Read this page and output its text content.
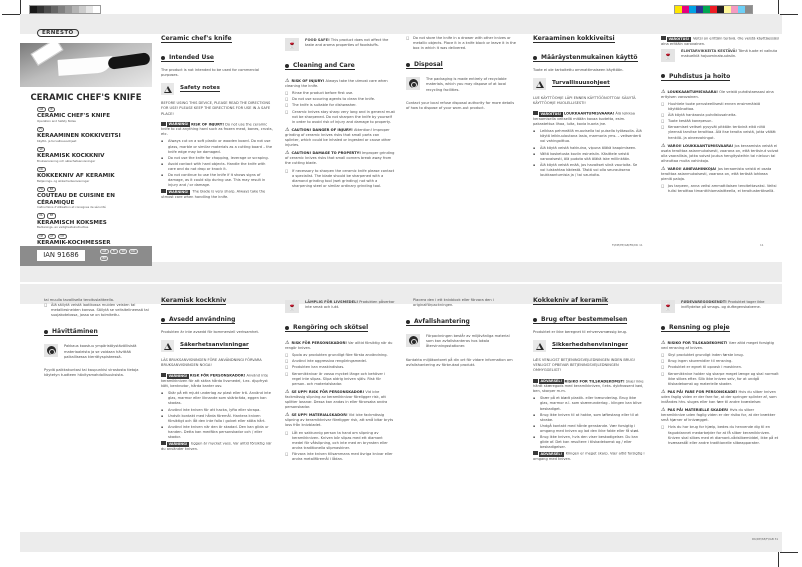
ERNESTO
CERAMIC CHEF'S KNIFE
GB	IE
CERAMIC CHEF'S KNIFE
Operation and Safety Notes
FI
KERAAMINEN KOKKIVEITSI
Käyttö- ja turvallisuusohjeet
SE
KERAMISK KOCKKNIV
Bruksanvisning och säkerhetsanvisningar
DK
KOKKEKNIV AF KERAMIK
Betjenings- og sikkerhedsanvisninger
FR	BE
COUTEAU DE CUISINE EN CÉRAMIQUE
Instructions d'utilisation et consignes de sécurité
NL	BE
KERAMISCH KOKSMES
Bedienings- en veiligheidsinstructies
DE	AT	CH
KERAMIK-KOCHMESSER
IAN 91686	GB	FI	SE	DK
BE
Ceramic chef's knife
Intended Use
The product is not intended to be used for commercial purposes.
Safety notes
BEFORE USING THIS DEVICE, PLEASE READ THE DIRECTIONS FOR USE! PLEASE KEEP THE DIRECTIONS FOR USE IN A SAFE PLACE!
WARNING! RISK OF INJURY! Do not use the ceramic knife to cut anything hard such as frozen meat, bones, crusts, etc.
▪ Always cut on a soft plastic or wooden board. Do not use glass, marble or similar materials as a cutting board – the knife edge may be damaged.
▪ Do not use the knife for chopping, leverage or scraping.
▪ Avoid contact with hard objects. Handle the knife with care and do not drop or knock it.
▪ Do not continue to use the knife if it shows signs of damage, as it could slip during use. This may result in injury and / or damage.
WARNING! The blade is very sharp. Always take the utmost care when handling the knife.
🍷	FOOD SAFE! This product does not affect the taste and aroma properties of foodstuffs.
Cleaning and Care
⚠ RISK OF INJURY! Always take the utmost care when cleaning the knife.
□ Rinse the product before first use.
□ Do not use scouring agents to clean the knife.
□ The knife is suitable for dishwasher.
□ Ceramic knives stay sharp very long and in general must not be sharpened. Do not sharpen the knife by yourself in order to avoid risk of injury and damage to property.
⚠ CAUTION! DANGER OF INJURY! Attention! Improper grinding of ceramic knives risks that small parts can splinter, which could be inhaled or ingested or cause other injuries.
⚠ CAUTION! DAMAGE TO PROPERTY! Improper grinding of ceramic knives risks that small corners break away from the cutting blade.
□ If necessary to sharpen the ceramic knife please contact a specialist. The blade should be sharpened with a diamond grinding tool (wet grinding) not with a sharpening steel or similar ordinary grinding tool.
□ Do not store the knife in a drawer with other knives or metallic objects. Place it in a knife block or leave it in the box in which it was delivered.
Disposal
The packaging is made entirely of recyclable materials, which you may dispose of at local recycling facilities.
Contact your local refuse disposal authority for more details of how to dispose of your worn-out product.
Keraaminen kokkiveitsi
Määräystenmukainen käyttö
Tuote ei ole tarkoitettu ammattimaiseen käyttöön.
Turvallisuusohjeet
LUE KÄYTTÖOHJE LÄPI ENNEN KÄYTTÖÖNOTTOA! SÄILYTÄ KÄYTTÖOHJE HUOLELLISESTI!
VAROITUS! LOUKKAANTUMISVAARA! Älä leikkaa keraamisella veitsellä mitään kovaa tuotetta, esim. pakastettua lihaa, luita, kovia kuoria jne.
▪ Leikkaa pehmeällä muovisella tai puisella työtasolla. Älä käytä leikkuulautana lasia, marmoria yms. – veitsenterä voi vahingoittua.
▪ Älä käytä veistä hakkuina, vipuna äläkä kaapimiseen.
▪ Vältä kosketusta koviin esineisiin. Käsittele veistä varovaisesti, älä pudota sitä äläkä iske millinkään.
▪ Älä käytä veistä enää, jos havaitset siinä vaurioita. Se voi luiskahtaa kädestä. Tästä voi olla seurauksena loukkaantumisia ja / tai vaurioita.
FI/DE/EE/GB/FR/DK 11
VAROITUS! Veitsi on erittäin terävä. Ole veistä käyttäessäsi aina erittäin varovainen.
🍷	ELINTARVIKKEITA KESTÄVÄ! Tämä tuote ei vaikuta makuelkiä hajuominaisuuksiin.
Puhdistus ja hoito
⚠ LOUKKAANTUMISVAARA! Ole veistä puhdistaessasi aina erityisen varovainen.
□ Huuhtele tuote perusteellisesti ennen ensimmäistä käyttöönottoa.
□ Älä käytä hankaavia puhdistusaineita.
□ Tuote kestää konepesun.
□ Keraamiset veitset pysyvät pitkään terävinä eikä niitä yleensä tarvitse teroittaa. Älä itse teroita veistä, jotta vältät henkilö- ja aineevahingot.
⚠ VAROI! LOUKKAANTUMISVAARA! Jos keraamista veistä ei osata teroittaa asianmukaisesti, vaarana on, että teräsirut voivat olla vaarallisia, jotka voivat joutua hengitysteihin tai nieluun tai aiheuttaa muita vahinkoja.
⚠ VAROI! AINEVAHINKOJA! Jos keraamista veistä ei osata teroittaa asianmukaisesti, vaarana on, että terästä lohkeaa pieniä paloja.
□ Jos tarpeen, anna veitsi ammattilaisen teroitettavaksi. Veitsi tulisi teroittaa timanttihiomalaitteella, ei teroitusteräksellä.
11
tai muulla tavallisella teroituslaitteella.
□ Älä säilytä veistä laatikossa muiden veisten tai metalliesineiden kanssa. Säilytä se veitsitelineessä tai suojakotelossa, jossa se on toimitettu.
Hävittäminen
Pakkaus koostuu ympäristöystävällisistä materiaaleista ja se voidaan hävittää paikallisessa kierrätyspisteessä.
Pyydä paikkakuntasi tai kaupunkisi virastosta tietoja käytetyn tuotteen hävitysmahdollisuuksista.
Keramisk kockkniv
Avsedd användning
Produkten är inte avsedd för kommersiell verksamhet.
Säkerhetsanvisningar
LÄS BRUKSANVISNINGEN FÖRE ANVÄNDNINGI FÖRVARA BRUKSANVISNINGEN NOGA!
VARNING! RISK FÖR PERSONSKADOR! Använd inte keramikkniven för att skära hårda livsmedel, t.ex. djupfryst kött, benknotor, hårda kanter osv.
▪ Skär på ett mjukt underlag av plast eller trä. Använd inte glas, marmor eller liknande som skärbräda, eggen kan skadas.
▪ Använd inte kniven för att hacka, lyfta eller skrapa.
▪ Undvik kontakt med hårda föremål. Hantera kniven försiktigt och låt den inte falla i golvet eller stöta hårt.
▪ Använd inte kniven när den är skadad. Den kan glida ur handen. Detta kan medföra personskador och / eller skador.
VARNING! Eggen är mycket vass. Var alltid försiktig när du använder kniven.
🍷	LÄMPLIG FÖR LIVSMEDEL! Produkten påverkar inte smak och lukt.
Rengöring och skötsel
⚠ RISK FÖR PERSONSKADOR! Var alltid försiktig när du rengör kniven.
□ Spola av produkten grundligt före första användning.
□ Använd inte aggressiva rengöringsmedel.
□ Produkten kan maskindiskas.
□ Keramikknivar är vassa mycket länge och behöver i regel inte slipas. Slipa aldrig kniven själv. Risk för person- och materialskador.
⚠ SE UPP! RISK FÖR PERSONSKADOR! Vid icke fackmässig slipning av keramikknivar föreligger risk, att splitter lossnar. Dessa kan andas in eller förorsaka andra personskador.
⚠ SE UPP! MATERIALSKADOR! Vid icke fackmässig slipning av keramikknivar föreligger risk, att små bitar bryts loss från knivbladet.
□ Låt en sakkunnig person ta hand om slipning av keramikkniven. Kniven bör slipas med ett diamant medel för våtslipning, och inte med en brynsten eller andra traditionella slipmaskiner.
□ Förvara inte kniven tillsammans med övriga knivar eller andra metallföremål i lådan.
Placera den i ett knivblock eller förvara den i originalförpackningen.
Avfallshantering
Förpackningen består av miljövänliga material som kan avfallshanteras hos lokala återvinningsstationer.
Kontakta miljökontoret på din ort för vidare information om avfallshantering av förbrukad produkt.
Kokkekniv af keramik
Brug efter bestemmelsen
Produktet er ikke beregnet til erhvervsmæssig brug.
Sikkerhedshenvisninger
LÆS VENLIGST BETJENINGSVEJLEDNINGEN INDEN BRUG! VENLIGST OPBEVAR BETJENINGSVEJLEDNINGEN OMHYGGELIGT!
ADVARSEL! RISIKO FOR TILSKADEKOMST! Skær ikke hårdt skæregods med keramikkniven, f.eks. dybfrossent kød, ben, skorper m.m.
▪ Skær på et blødt plastik- eller træunderlag. Brug ikke glas, marmor e.l. som skæreunderlag - klingen kan blive beskadiget.
▪ Brug ikke kniven til at hakke, som løftestang eller til at skrabe.
▪ Undgå kontakt med hårde genstande. Vær forsigtig i omgang med kniven og lad den ikke falde eller få stød.
▪ Brug ikke kniven, hvis den viser beskadigelser. Du kan glide af. Det kan resultere i tilskadekomst og / eller beskadigelser.
ADVARSEL! Klingen er meget skarp. Vær altid forsigtig i omgang med kniven.
🍷	FØDEVAREGODKENDT! Produktet tager ikke indflydelse på smags- og duftegenskaberne.
Rensning og pleje
⚠ RISIKO FOR TILSKADEKOMST! Vær altid meget forsigtig ved rensning af kniven.
□ Skyl produktet grundigt inden første brug.
□ Brug ingen skuremidler til rensning.
□ Produktet er egnet til opvask i maskinen.
□ Keramikknive holder sig skarpe meget længe og skal normalt ikke slibes efter. Slib ikke kniven selv, for at undgå tilskadekomst og materielle skader.
⚠ PAS PÅ! FARE FOR PERSONSKADE! Hvis du sliber kniven uden faglig viden er der fare for, at der springer splinter af, som indåndes hhv. sluges eller kan føre til andre kvæstelser.
⚠ PAS PÅ! MATERIELLE SKADER! Hvis du sliber keramikknive uden faglig viden er der risiko for, at der brækker små hjørner af knivægget.
□ Hvis du har brug for hjælp, bedes du henvende dig til en faguddannet medarbejder for at få sliber keramikkniven. Kniven skal slibes med et diamant-vådslibemiddel, ikke på et hvæssestål eller andre traditionelle slibeapparater.
DK/DE/SE/FI/GB 31
